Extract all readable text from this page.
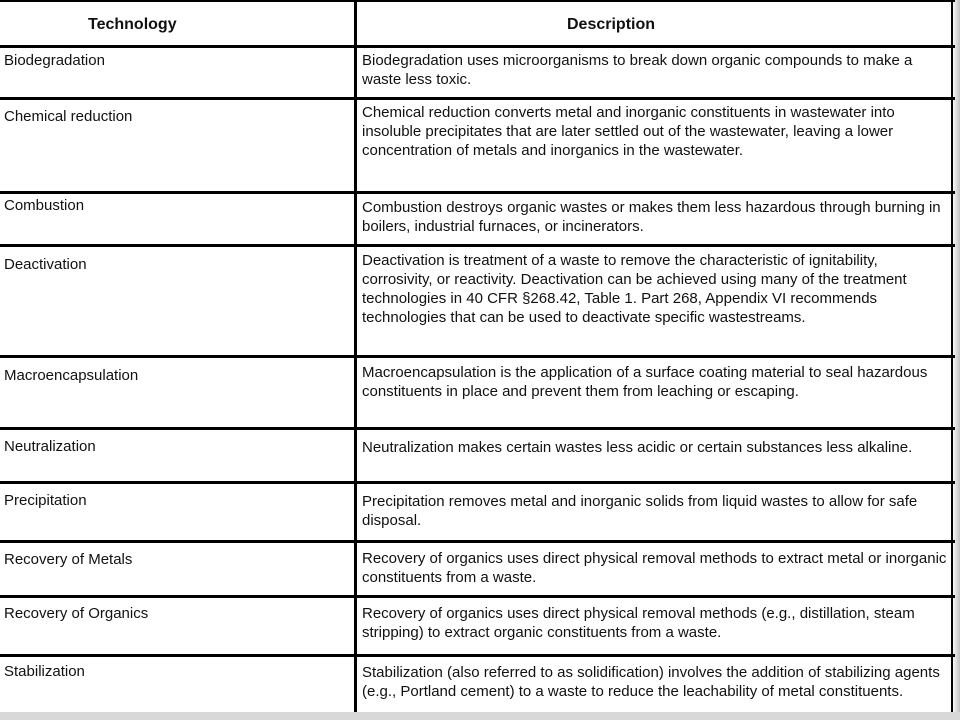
Technology	Description
Biodegradation	Biodegradation uses microorganisms to break down organic compounds to make a waste less toxic.
Chemical reduction	Chemical reduction converts metal and inorganic constituents in wastewater into insoluble precipitates that are later settled out of the wastewater, leaving a lower concentration of metals and inorganics in the wastewater.
Combustion	Combustion destroys organic wastes or makes them less hazardous through burning in boilers, industrial furnaces, or incinerators.
Deactivation	Deactivation is treatment of a waste to remove the characteristic of ignitability, corrosivity, or reactivity. Deactivation can be achieved using many of the treatment technologies in 40 CFR §268.42, Table 1. Part 268, Appendix VI recommends technologies that can be used to deactivate specific wastestreams.
Macroencapsulation	Macroencapsulation is the application of a surface coating material to seal hazardous constituents in place and prevent them from leaching or escaping.
Neutralization	Neutralization makes certain wastes less acidic or certain substances less alkaline.
Precipitation	Precipitation removes metal and inorganic solids from liquid wastes to allow for safe disposal.
Recovery of Metals	Recovery of organics uses direct physical removal methods to extract metal or inorganic constituents from a waste.
Recovery of Organics	Recovery of organics uses direct physical removal methods (e.g., distillation, steam stripping) to extract organic constituents from a waste.
Stabilization	Stabilization (also referred to as solidification) involves the addition of stabilizing agents (e.g., Portland cement) to a waste to reduce the leachability of metal constituents.
